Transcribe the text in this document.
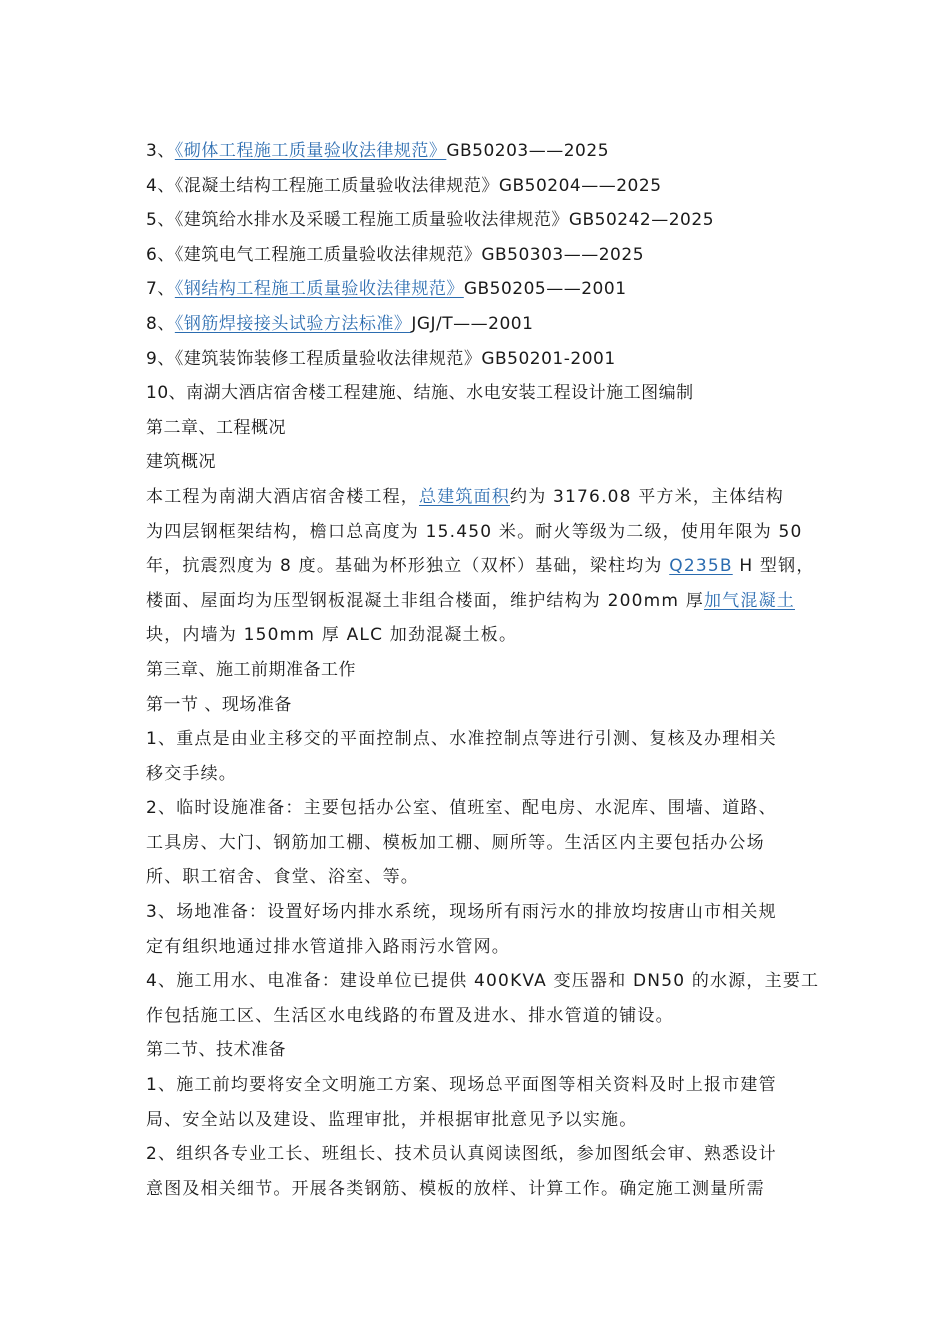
3、《砌体工程施工质量验收法律规范》GB50203——2025
4、《混凝土结构工程施工质量验收法律规范》GB50204——2025
5、《建筑给水排水及采暖工程施工质量验收法律规范》GB50242—2025
6、《建筑电气工程施工质量验收法律规范》GB50303——2025
7、《钢结构工程施工质量验收法律规范》GB50205——2001
8、《钢筋焊接接头试验方法标准》JGJ/T——2001
9、《建筑装饰装修工程质量验收法律规范》GB50201-2001
10、南湖大酒店宿舍楼工程建施、结施、水电安装工程设计施工图编制
第二章、工程概况
建筑概况
本工程为南湖大酒店宿舍楼工程，总建筑面积约为 3176.08 平方米，主体结构
为四层钢框架结构，檐口总高度为 15.450 米。耐火等级为二级，使用年限为 50
年，抗震烈度为 8 度。基础为杯形独立（双杯）基础，梁柱均为 Q235B H 型钢，
楼面、屋面均为压型钢板混凝土非组合楼面，维护结构为 200mm 厚加气混凝土
块，内墙为 150mm 厚 ALC 加劲混凝土板。
第三章、施工前期准备工作
第一节 、现场准备
1、重点是由业主移交的平面控制点、水准控制点等进行引测、复核及办理相关
移交手续。
2、临时设施准备：主要包括办公室、值班室、配电房、水泥库、围墙、道路、
工具房、大门、钢筋加工棚、模板加工棚、厕所等。生活区内主要包括办公场
所、职工宿舍、食堂、浴室、等。
3、场地准备：设置好场内排水系统，现场所有雨污水的排放均按唐山市相关规
定有组织地通过排水管道排入路雨污水管网。
4、施工用水、电准备：建设单位已提供 400KVA 变压器和 DN50 的水源，主要工
作包括施工区、生活区水电线路的布置及进水、排水管道的铺设。
第二节、技术准备
1、施工前均要将安全文明施工方案、现场总平面图等相关资料及时上报市建管
局、安全站以及建设、监理审批，并根据审批意见予以实施。
2、组织各专业工长、班组长、技术员认真阅读图纸，参加图纸会审、熟悉设计
意图及相关细节。开展各类钢筋、模板的放样、计算工作。确定施工测量所需
